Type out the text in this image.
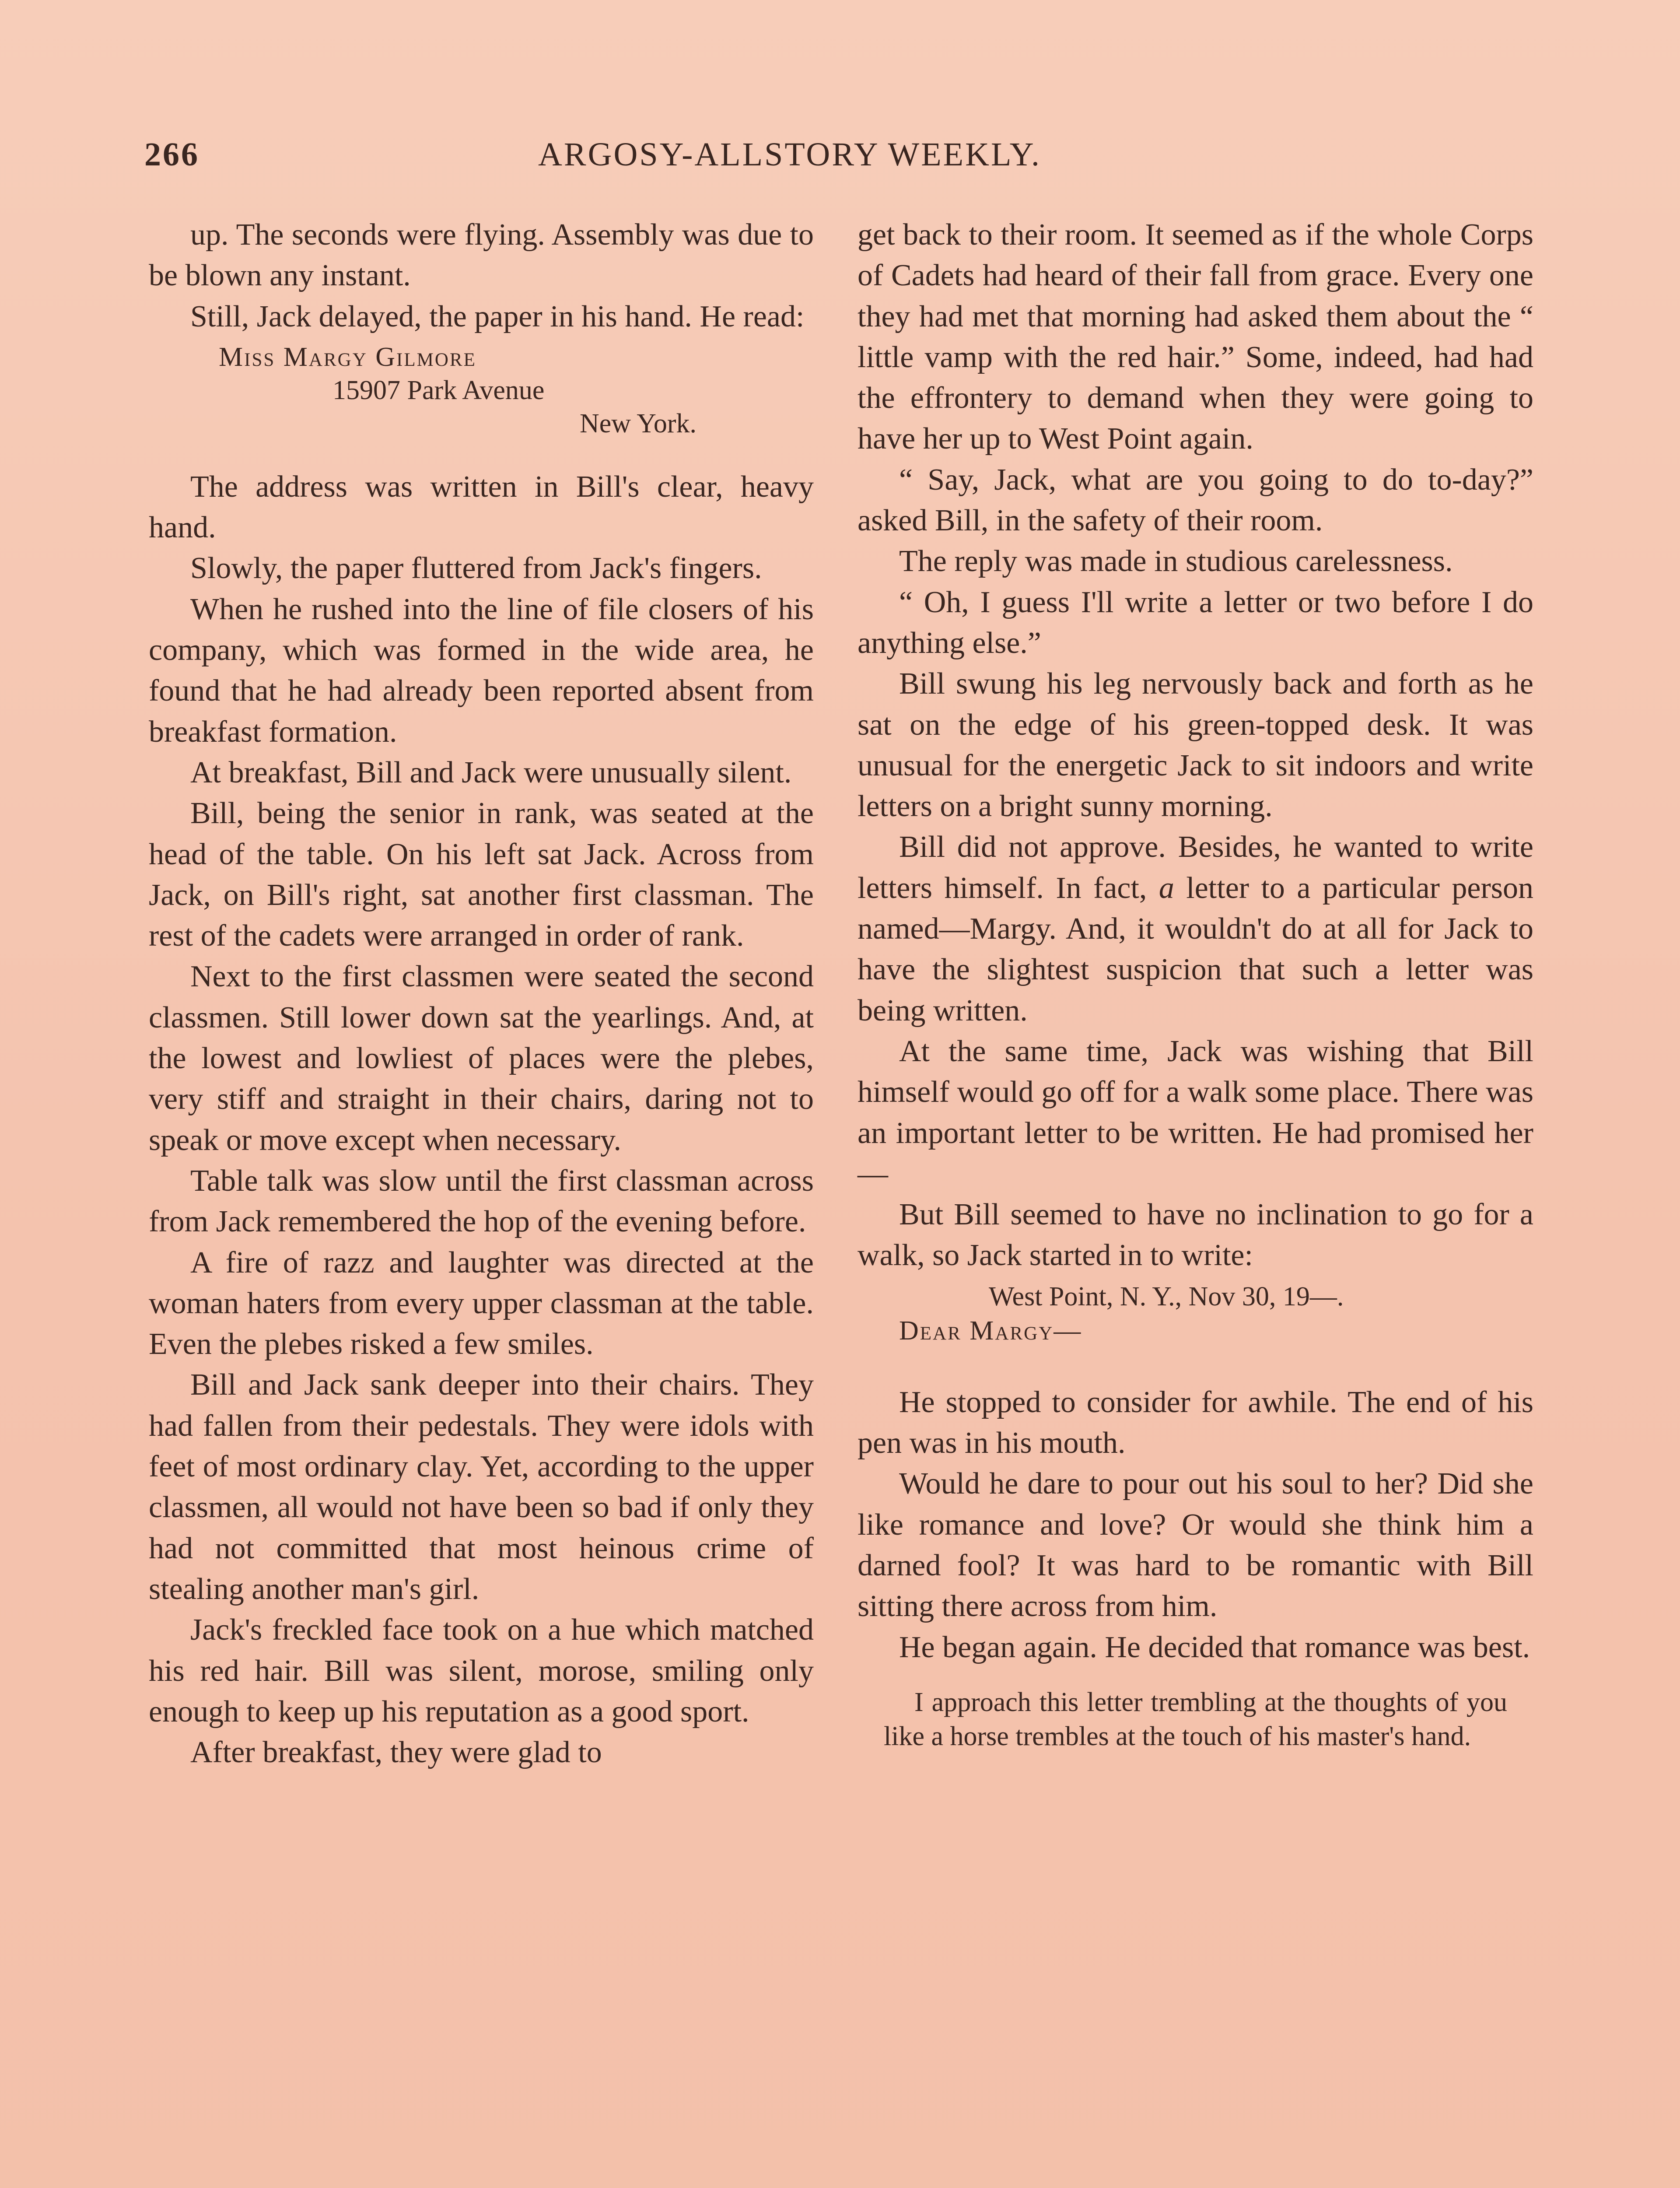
266	ARGOSY-ALLSTORY WEEKLY.

up. The seconds were flying. Assembly was due to be blown any instant.

Still, Jack delayed, the paper in his hand. He read:

Miss Margy Gilmore
15907 Park Avenue
New York.

The address was written in Bill's clear, heavy hand.

Slowly, the paper fluttered from Jack's fingers.

When he rushed into the line of file closers of his company, which was formed in the wide area, he found that he had already been reported absent from breakfast formation.

At breakfast, Bill and Jack were unusually silent.

Bill, being the senior in rank, was seated at the head of the table. On his left sat Jack. Across from Jack, on Bill's right, sat another first classman. The rest of the cadets were arranged in order of rank.

Next to the first classmen were seated the second classmen. Still lower down sat the yearlings. And, at the lowest and lowliest of places were the plebes, very stiff and straight in their chairs, daring not to speak or move except when necessary.

Table talk was slow until the first classman across from Jack remembered the hop of the evening before.

A fire of razz and laughter was directed at the woman haters from every upper classman at the table. Even the plebes risked a few smiles.

Bill and Jack sank deeper into their chairs. They had fallen from their pedestals. They were idols with feet of most ordinary clay. Yet, according to the upper classmen, all would not have been so bad if only they had not committed that most heinous crime of stealing another man's girl.

Jack's freckled face took on a hue which matched his red hair. Bill was silent, morose, smiling only enough to keep up his reputation as a good sport.

After breakfast, they were glad to

get back to their room. It seemed as if the whole Corps of Cadets had heard of their fall from grace. Every one they had met that morning had asked them about the “ little vamp with the red hair.” Some, indeed, had had the effrontery to demand when they were going to have her up to West Point again.

“ Say, Jack, what are you going to do to-day?” asked Bill, in the safety of their room.

The reply was made in studious carelessness.

“ Oh, I guess I'll write a letter or two before I do anything else.”

Bill swung his leg nervously back and forth as he sat on the edge of his green-topped desk. It was unusual for the energetic Jack to sit indoors and write letters on a bright sunny morning.

Bill did not approve. Besides, he wanted to write letters himself. In fact, a letter to a particular person named—Margy. And, it wouldn't do at all for Jack to have the slightest suspicion that such a letter was being written.

At the same time, Jack was wishing that Bill himself would go off for a walk some place. There was an important letter to be written. He had promised her—

But Bill seemed to have no inclination to go for a walk, so Jack started in to write:

West Point, N. Y., Nov 30, 19—.
Dear Margy—

He stopped to consider for awhile. The end of his pen was in his mouth.

Would he dare to pour out his soul to her? Did she like romance and love? Or would she think him a darned fool? It was hard to be romantic with Bill sitting there across from him.

He began again. He decided that romance was best.

I approach this letter trembling at the thoughts of you like a horse trembles at the touch of his master's hand.
